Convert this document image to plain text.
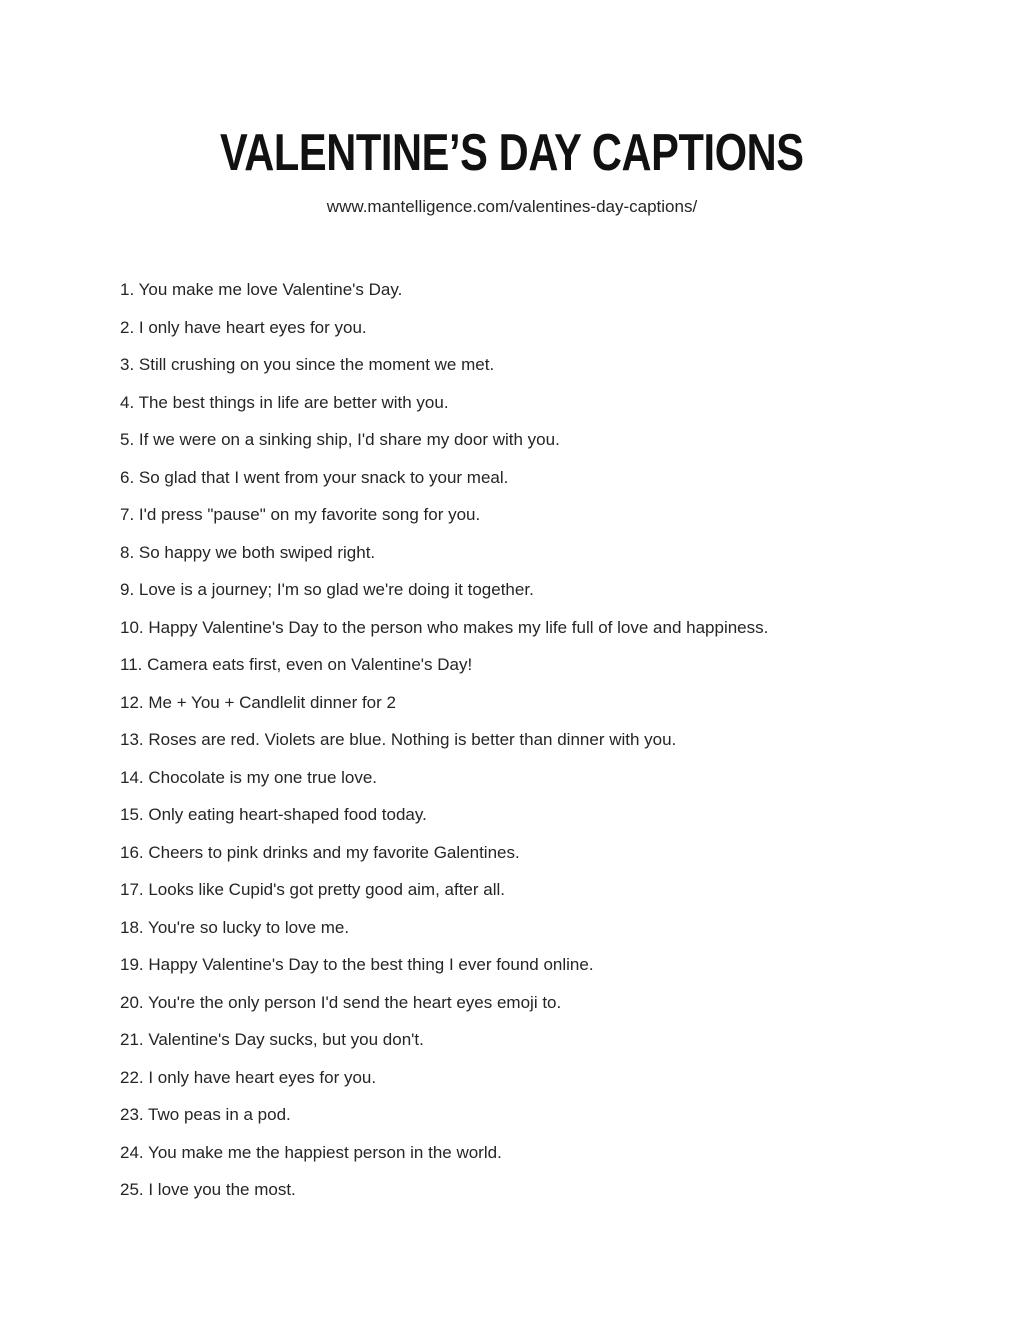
VALENTINE’S DAY CAPTIONS
www.mantelligence.com/valentines-day-captions/
1. You make me love Valentine's Day.
2. I only have heart eyes for you.
3. Still crushing on you since the moment we met.
4. The best things in life are better with you.
5. If we were on a sinking ship, I'd share my door with you.
6. So glad that I went from your snack to your meal.
7. I'd press "pause" on my favorite song for you.
8. So happy we both swiped right.
9. Love is a journey; I'm so glad we're doing it together.
10. Happy Valentine's Day to the person who makes my life full of love and happiness.
11. Camera eats first, even on Valentine's Day!
12. Me + You + Candlelit dinner for 2
13. Roses are red. Violets are blue. Nothing is better than dinner with you.
14. Chocolate is my one true love.
15. Only eating heart-shaped food today.
16. Cheers to pink drinks and my favorite Galentines.
17. Looks like Cupid's got pretty good aim, after all.
18. You're so lucky to love me.
19. Happy Valentine's Day to the best thing I ever found online.
20. You're the only person I'd send the heart eyes emoji to.
21. Valentine's Day sucks, but you don't.
22. I only have heart eyes for you.
23. Two peas in a pod.
24. You make me the happiest person in the world.
25. I love you the most.
